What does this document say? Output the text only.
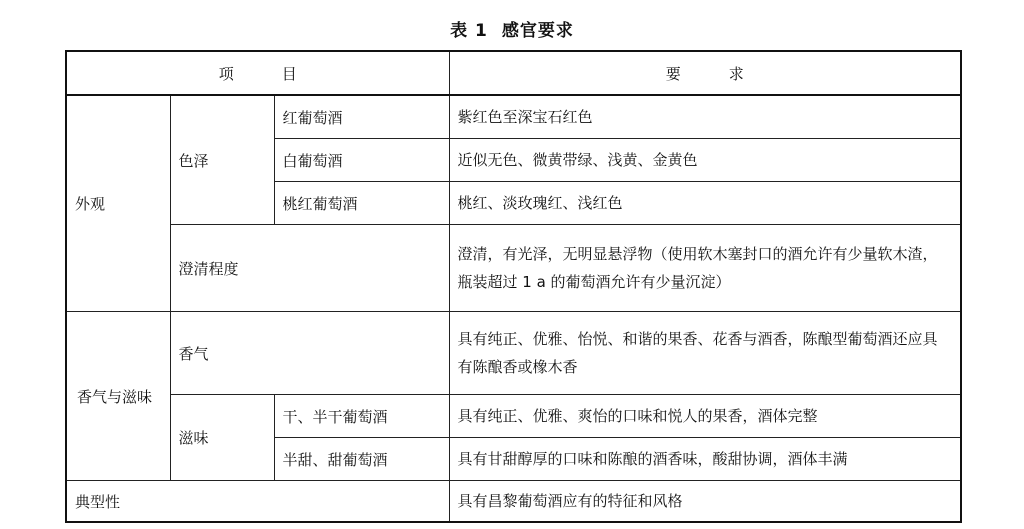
表 1 感官要求
项 目			要 求
外观	色泽	红葡萄酒	紫红色至深宝石红色
		白葡萄酒	近似无色、微黄带绿、浅黄、金黄色
		桃红葡萄酒	桃红、淡玫瑰红、浅红色
	澄清程度		澄清，有光泽，无明显悬浮物（使用软木塞封口的酒允许有少量软木渣，瓶装超过 1 a 的葡萄酒允许有少量沉淀）
香气与滋味	香气		具有纯正、优雅、怡悦、和谐的果香、花香与酒香，陈酿型葡萄酒还应具有陈酿香或橡木香
	滋味	干、半干葡萄酒	具有纯正、优雅、爽怡的口味和悦人的果香，酒体完整
		半甜、甜葡萄酒	具有甘甜醇厚的口味和陈酿的酒香味，酸甜协调，酒体丰满
典型性			具有昌黎葡萄酒应有的特征和风格
